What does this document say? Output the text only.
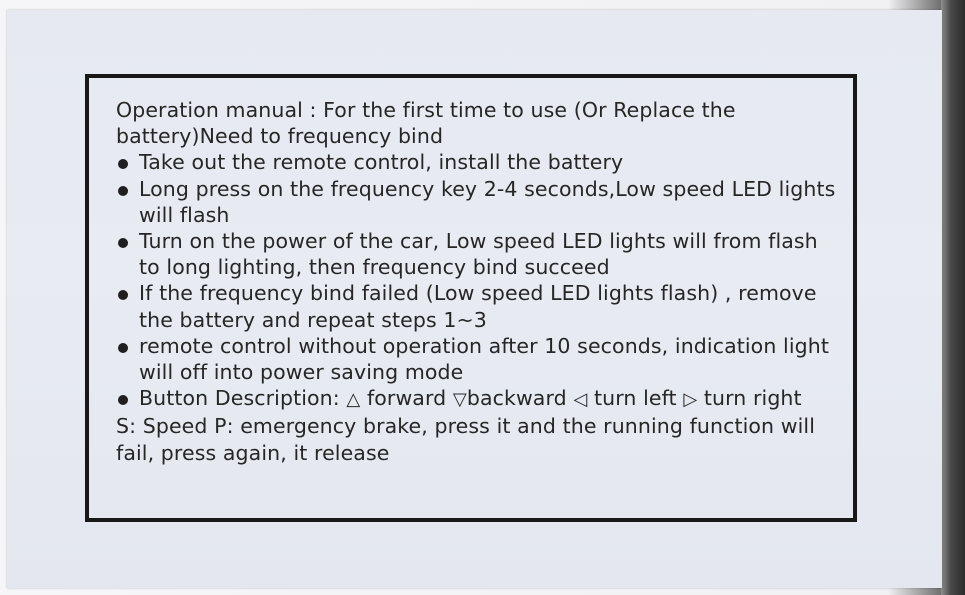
Operation manual : For the first time to use (Or Replace the battery)Need to frequency bind

Take out the remote control, install the battery

Long press on the frequency key 2-4 seconds,Low speed LED lights will flash

Turn on the power of the car, Low speed LED lights will from flash to long lighting, then frequency bind succeed

If the frequency bind failed (Low speed LED lights flash) , remove the battery and repeat steps 1~3

remote control without operation after 10 seconds, indication light will off into power saving mode

Button Description: △ forward ▽backward ◁ turn left ▷ turn right

S: Speed P: emergency brake, press it and the running function will fail, press again, it release
